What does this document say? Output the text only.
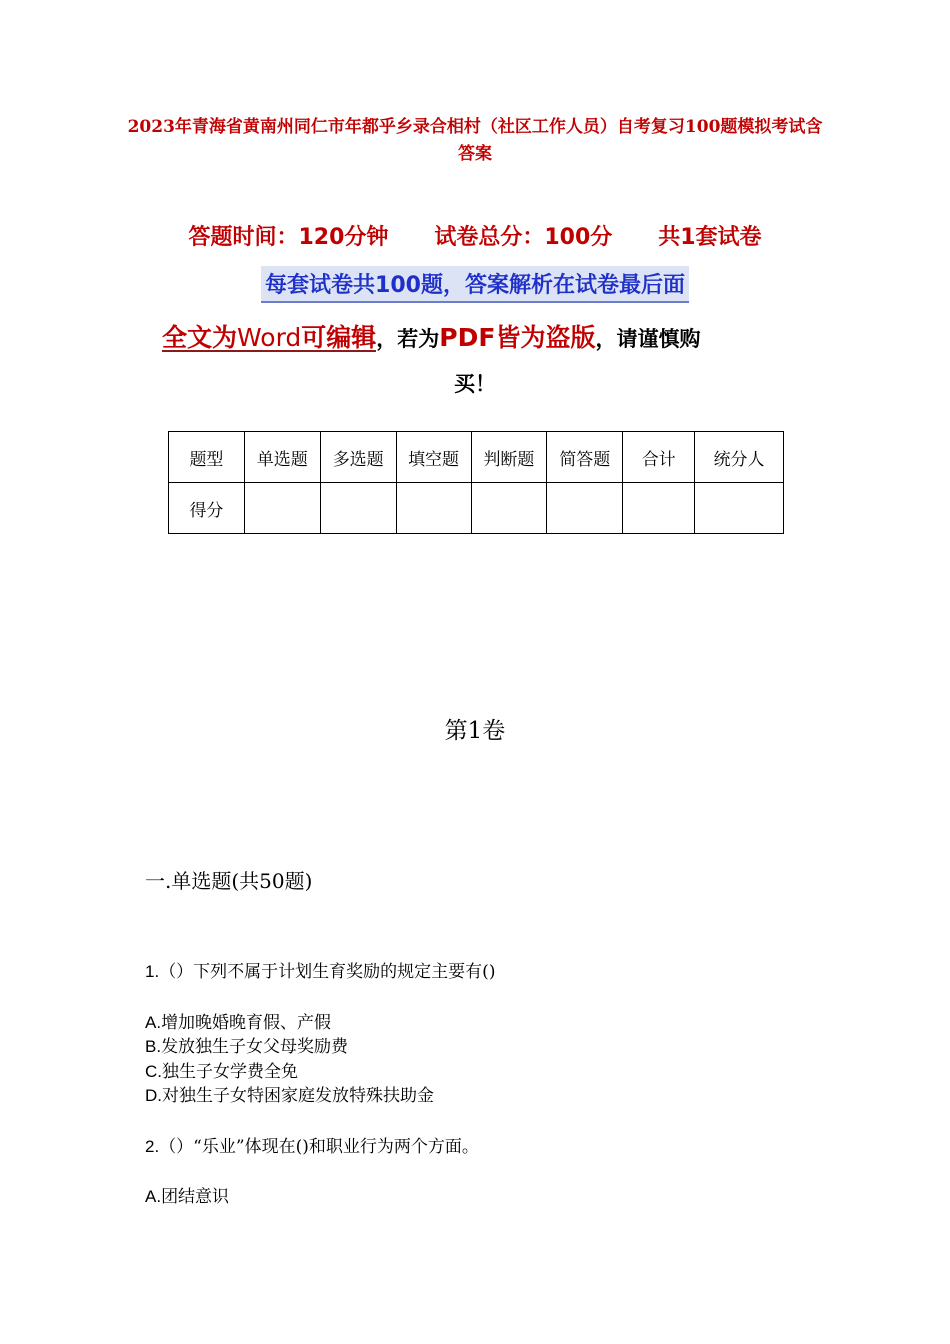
2023年青海省黄南州同仁市年都乎乡录合相村（社区工作人员）自考复习100题模拟考试含答案
答题时间：120分钟      试卷总分：100分      共1套试卷
每套试卷共100题，答案解析在试卷最后面
全文为Word可编辑，若为PDF皆为盗版，请谨慎购
买！
题型	单选题	多选题	填空题	判断题	简答题	合计	统分人
得分							
第1卷
一.单选题(共50题)
1.（）下列不属于计划生育奖励的规定主要有()
A.增加晚婚晚育假、产假
B.发放独生子女父母奖励费
C.独生子女学费全免
D.对独生子女特困家庭发放特殊扶助金
2.（）“乐业”体现在()和职业行为两个方面。
A.团结意识
